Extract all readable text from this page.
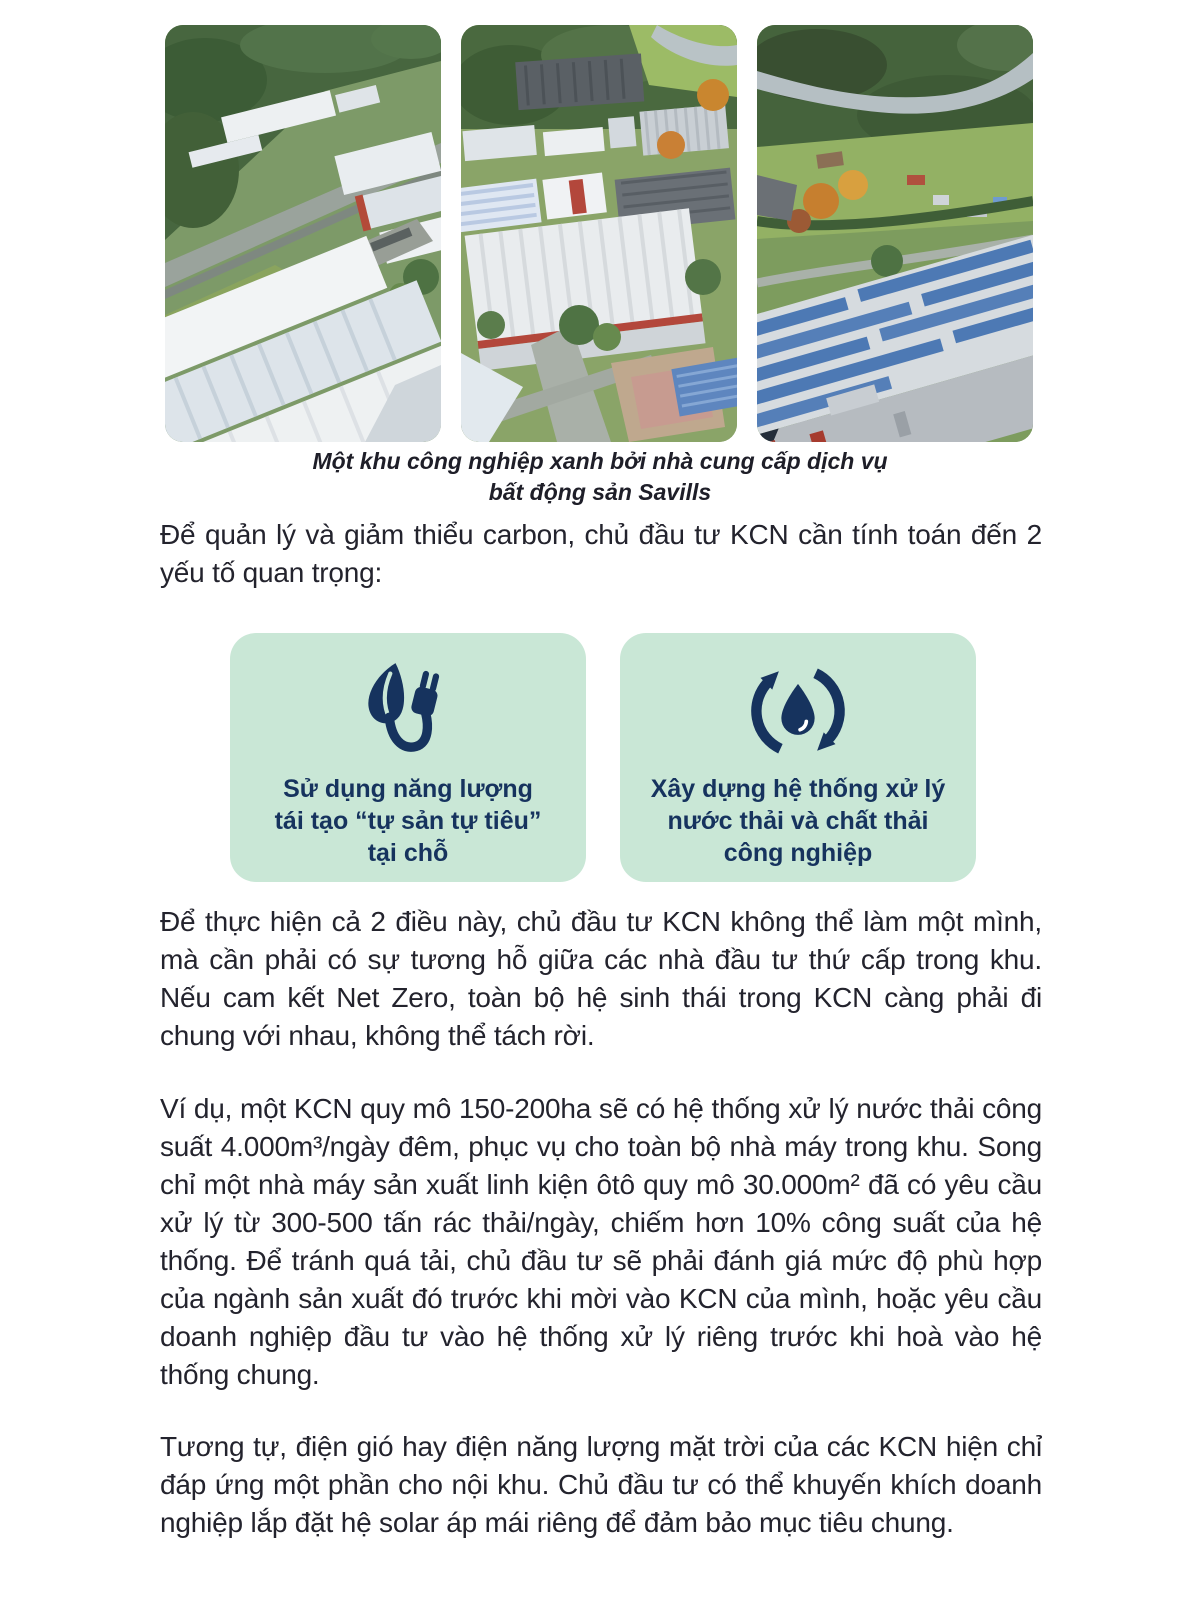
Một khu công nghiệp xanh bởi nhà cung cấp dịch vụ
bất động sản Savills

Để quản lý và giảm thiểu carbon, chủ đầu tư KCN cần tính toán đến 2 yếu tố quan trọng:

Sử dụng năng lượng
tái tạo “tự sản tự tiêu”
tại chỗ
Xây dựng hệ thống xử lý
nước thải và chất thải
công nghiệp

Để thực hiện cả 2 điều này, chủ đầu tư KCN không thể làm một mình, mà cần phải có sự tương hỗ giữa các nhà đầu tư thứ cấp trong khu. Nếu cam kết Net Zero, toàn bộ hệ sinh thái trong KCN càng phải đi chung với nhau, không thể tách rời.

Ví dụ, một KCN quy mô 150-200ha sẽ có hệ thống xử lý nước thải công suất 4.000m³/ngày đêm, phục vụ cho toàn bộ nhà máy trong khu. Song chỉ một nhà máy sản xuất linh kiện ôtô quy mô 30.000m² đã có yêu cầu xử lý từ 300-500 tấn rác thải/ngày, chiếm hơn 10% công suất của hệ thống. Để tránh quá tải, chủ đầu tư sẽ phải đánh giá mức độ phù hợp của ngành sản xuất đó trước khi mời vào KCN của mình, hoặc yêu cầu doanh nghiệp đầu tư vào hệ thống xử lý riêng trước khi hoà vào hệ thống chung.

Tương tự, điện gió hay điện năng lượng mặt trời của các KCN hiện chỉ đáp ứng một phần cho nội khu. Chủ đầu tư có thể khuyến khích doanh nghiệp lắp đặt hệ solar áp mái riêng để đảm bảo mục tiêu chung.
